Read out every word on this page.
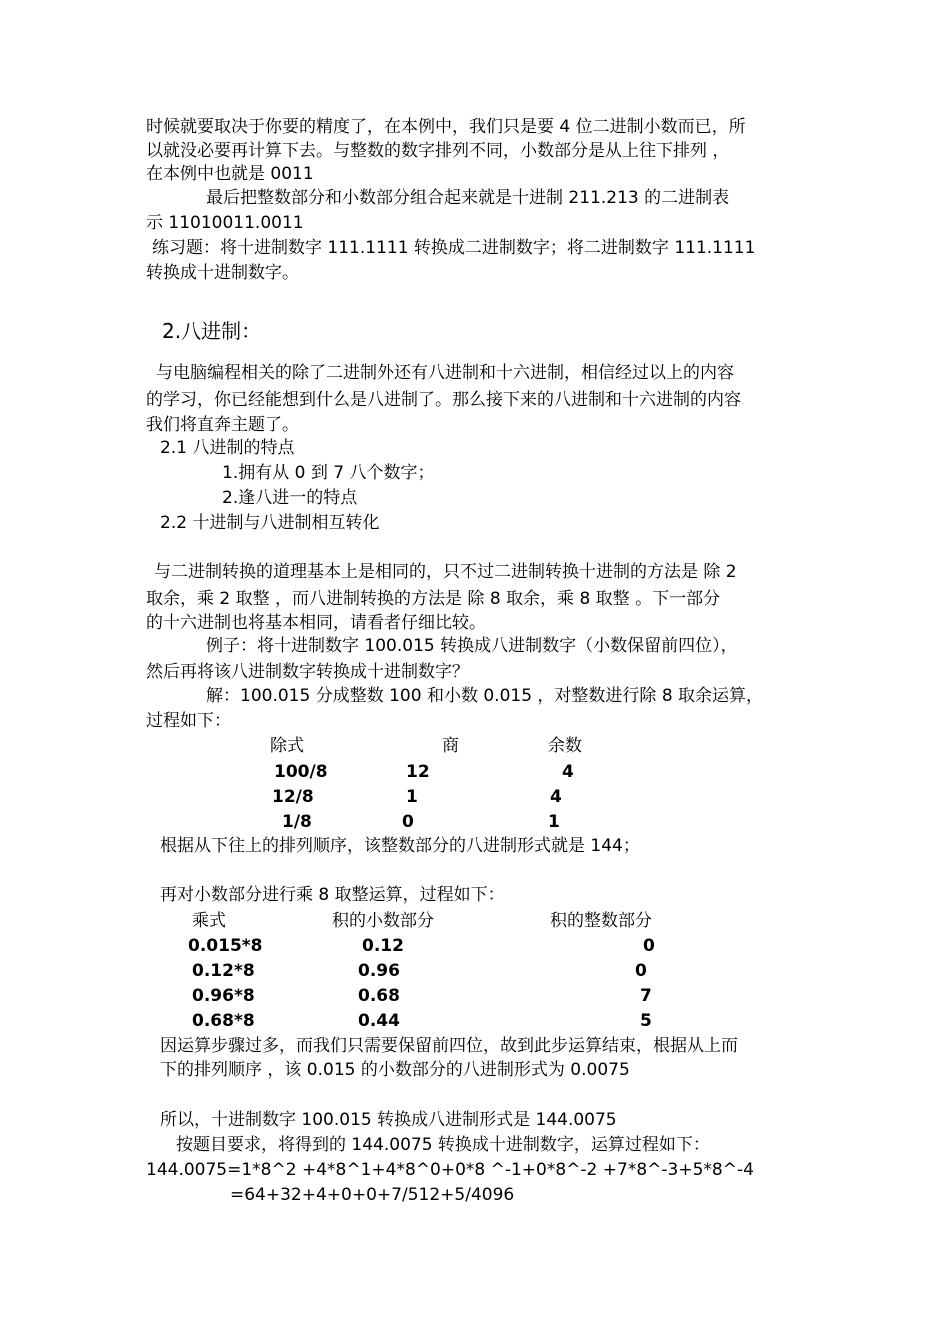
时候就要取决于你要的精度了，在本例中，我们只是要 4 位二进制小数而已，所
以就没必要再计算下去。与整数的数字排列不同，小数部分是从上往下排列 ，
在本例中也就是 0011
最后把整数部分和小数部分组合起来就是十进制 211.213 的二进制表
示 11010011.0011
练习题：将十进制数字 111.1111 转换成二进制数字；将二进制数字 111.1111
转换成十进制数字。
2.八进制：
与电脑编程相关的除了二进制外还有八进制和十六进制，相信经过以上的内容
的学习，你已经能想到什么是八进制了。那么接下来的八进制和十六进制的内容
我们将直奔主题了。
2.1 八进制的特点
1.拥有从 0 到 7 八个数字；
2.逢八进一的特点
2.2 十进制与八进制相互转化
与二进制转换的道理基本上是相同的，只不过二进制转换十进制的方法是 除 2
取余，乘 2 取整 ，而八进制转换的方法是 除 8 取余，乘 8 取整 。下一部分
的十六进制也将基本相同，请看者仔细比较。
例子：将十进制数字 100.015 转换成八进制数字（小数保留前四位），
然后再将该八进制数字转换成十进制数字？
解：100.015 分成整数 100 和小数 0.015 ，对整数进行除 8 取余运算，
过程如下：
除式	商	余数
100/8	12	4
12/8	1	4
1/8	0	1
根据从下往上的排列顺序，该整数部分的八进制形式就是 144；
再对小数部分进行乘 8 取整运算，过程如下：
乘式	积的小数部分	积的整数部分
0.015*8	0.12	0
0.12*8	0.96	0
0.96*8	0.68	7
0.68*8	0.44	5
因运算步骤过多，而我们只需要保留前四位，故到此步运算结束，根据从上而
下的排列顺序 ，该 0.015 的小数部分的八进制形式为 0.0075
所以，十进制数字 100.015 转换成八进制形式是 144.0075
按题目要求，将得到的 144.0075 转换成十进制数字，运算过程如下：
144.0075=1*8^2 +4*8^1+4*8^0+0*8 ^-1+0*8^-2 +7*8^-3+5*8^-4
=64+32+4+0+0+7/512+5/4096
